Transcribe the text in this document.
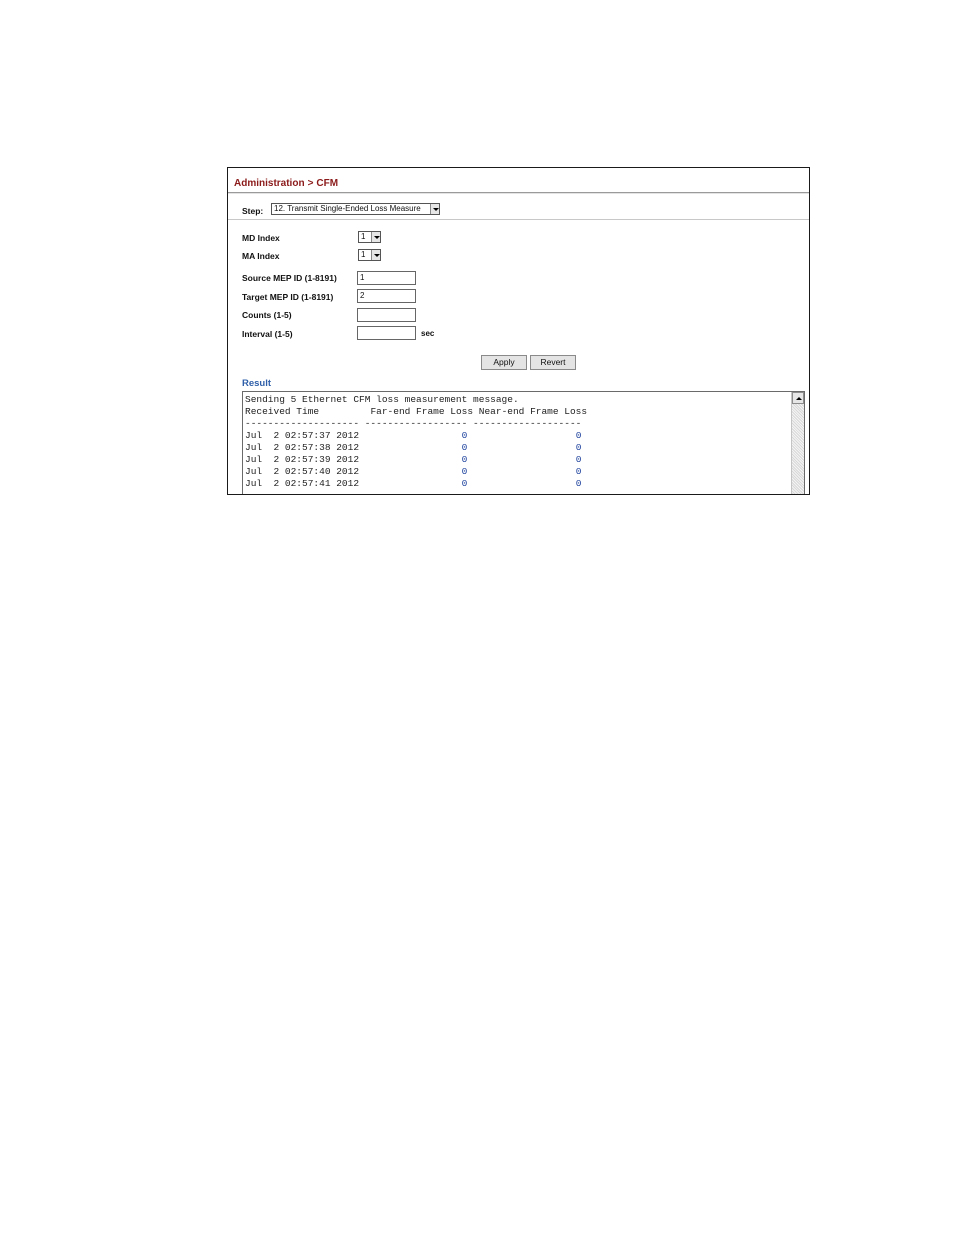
Administration > CFM
Step:	12. Transmit Single-Ended Loss Measure
MD Index	1
MA Index	1
Source MEP ID (1-8191)	1
Target MEP ID (1-8191)	2
Counts (1-5)
Interval (1-5)	sec
Apply	Revert
Result
Sending 5 Ethernet CFM loss measurement message.
Received Time	Far-end Frame Loss Near-end Frame Loss
-------------------- ------------------ -------------------
Jul  2 02:57:37 2012	0	0
Jul  2 02:57:38 2012	0	0
Jul  2 02:57:39 2012	0	0
Jul  2 02:57:40 2012	0	0
Jul  2 02:57:41 2012	0	0
